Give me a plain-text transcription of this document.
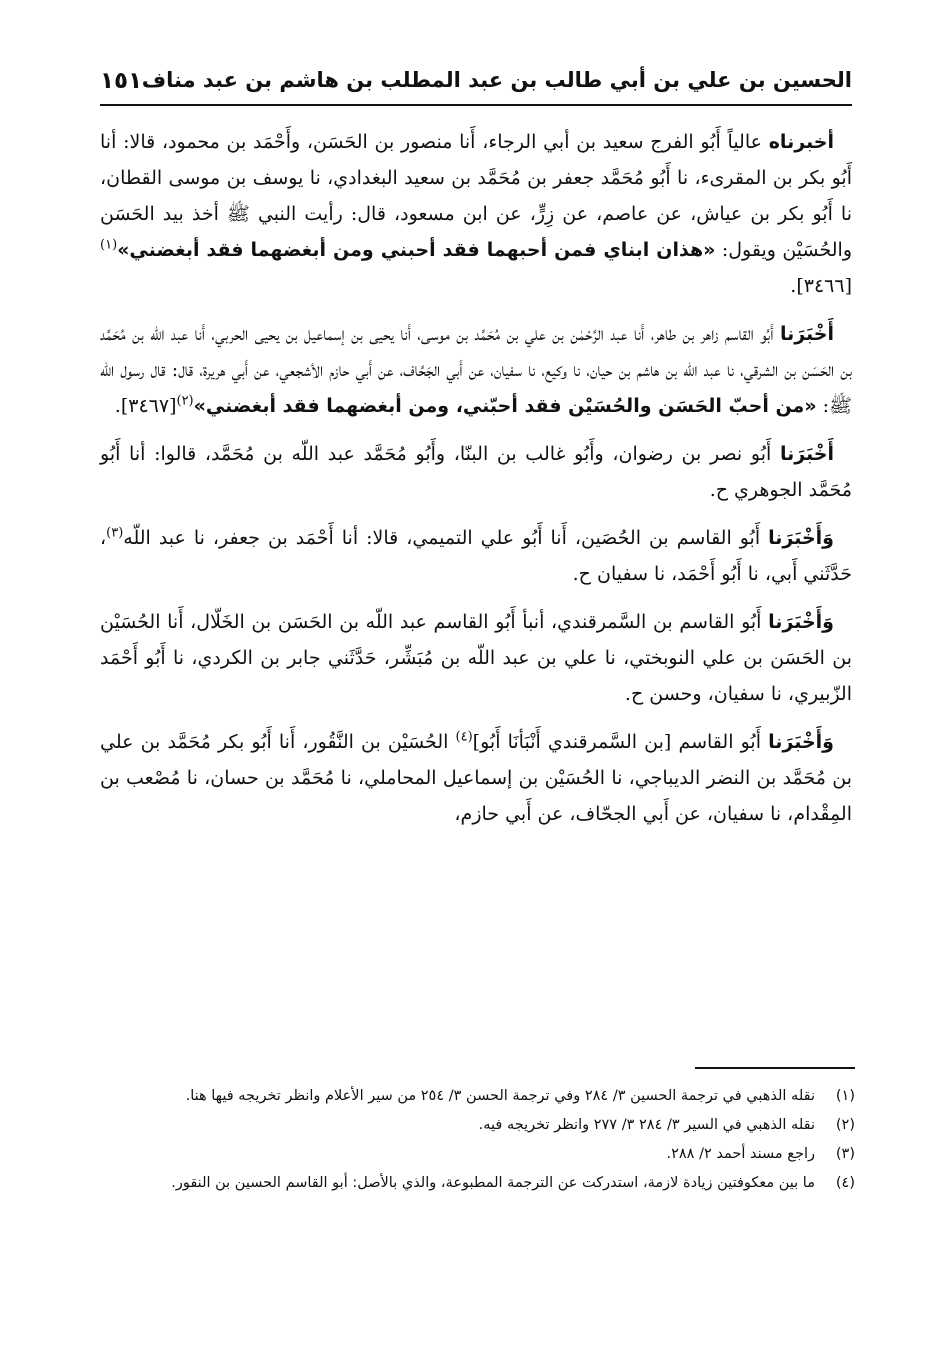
الحسين بن علي بن أبي طالب بن عبد المطلب بن هاشم بن عبد مناف
١٥١

أخبرناه عالياً أَبُو الفرج سعيد بن أبي الرجاء، أَنا منصور بن الحَسَن، وأَحْمَد بن محمود، قالا: أنا أَبُو بكر بن المقرىء، نا أَبُو مُحَمَّد جعفر بن مُحَمَّد بن سعيد البغدادي، نا يوسف بن موسى القطان، نا أَبُو بكر بن عياش، عن عاصم، عن زِرٍّ، عن ابن مسعود، قال: رأيت النبي ﷺ أخذ بيد الحَسَن والحُسَيْن ويقول: «هذان ابناي فمن أحبهما فقد أحبني ومن أبغضهما فقد أبغضني»$^{(١)}$[٣٤٦٦].

أَخْبَرَنا أَبُو القاسم زاهر بن طاهر، أَنا عبد الرَّحْمٰن بن علي بن مُحَمَّد بن موسى، أَنا يحيى بن إسماعيل بن يحيى الحربي، أَنا عبد اللّه بن مُحَمَّد بن الحَسَن بن الشرقي، نا عبد اللّه بن هاشم بن حيان، نا وكيع، نا سفيان، عن أَبي الجَحَّاف، عن أَبي حازم الأشجعي، عن أَبي هريرة، قال: قال رسول اللّه ﷺ: «من أحبّ الحَسَن والحُسَيْن فقد أحبّني، ومن أبغضهما فقد أبغضني»$^{(٢)}$[٣٤٦٧].

أَخْبَرَنا أَبُو نصر بن رضوان، وأَبُو غالب بن البنّا، وأَبُو مُحَمَّد عبد اللّه بن مُحَمَّد، قالوا: أنا أَبُو مُحَمَّد الجوهري ح.

وَأَخْبَرَنا أَبُو القاسم بن الحُصَين، أَنا أَبُو علي التميمي، قالا: أنا أَحْمَد بن جعفر، نا عبد اللّه$^{(٣)}$، حَدَّثَني أَبي، نا أَبُو أَحْمَد، نا سفيان ح.

وَأَخْبَرَنا أَبُو القاسم بن السَّمرقندي، أنبأ أَبُو القاسم عبد اللّه بن الحَسَن بن الخَلّال، أَنا الحُسَيْن بن الحَسَن بن علي النوبختي، نا علي بن عبد اللّه بن مُبَشِّر، حَدَّثَني جابر بن الكردي، نا أَبُو أَحْمَد الزّبيري، نا سفيان، وحسن ح.

وَأَخْبَرَنا أَبُو القاسم [بن السَّمرقندي أَنْبَأنَا أَبُو]$^{(٤)}$ الحُسَيْن بن النَّقُور، أَنا أَبُو بكر مُحَمَّد بن علي بن مُحَمَّد بن النضر الديباجي، نا الحُسَيْن بن إسماعيل المحاملي، نا مُحَمَّد بن حسان، نا مُصْعب بن المِقْدام، نا سفيان، عن أَبي الجحّاف، عن أَبي حازم،

(١)
نقله الذهبي في ترجمة الحسين ٣/ ٢٨٤ وفي ترجمة الحسن ٣/ ٢٥٤ من سير الأعلام وانظر تخريجه فيها هنا.
(٢)
نقله الذهبي في السير ٣/ ٢٨٤ ٣/ ٢٧٧ وانظر تخريجه فيه.
(٣)
راجع مسند أحمد ٢/ ٢٨٨.
(٤)
ما بين معكوفتين زيادة لازمة، استدركت عن الترجمة المطبوعة، والذي بالأصل: أبو القاسم الحسين بن النقور.
